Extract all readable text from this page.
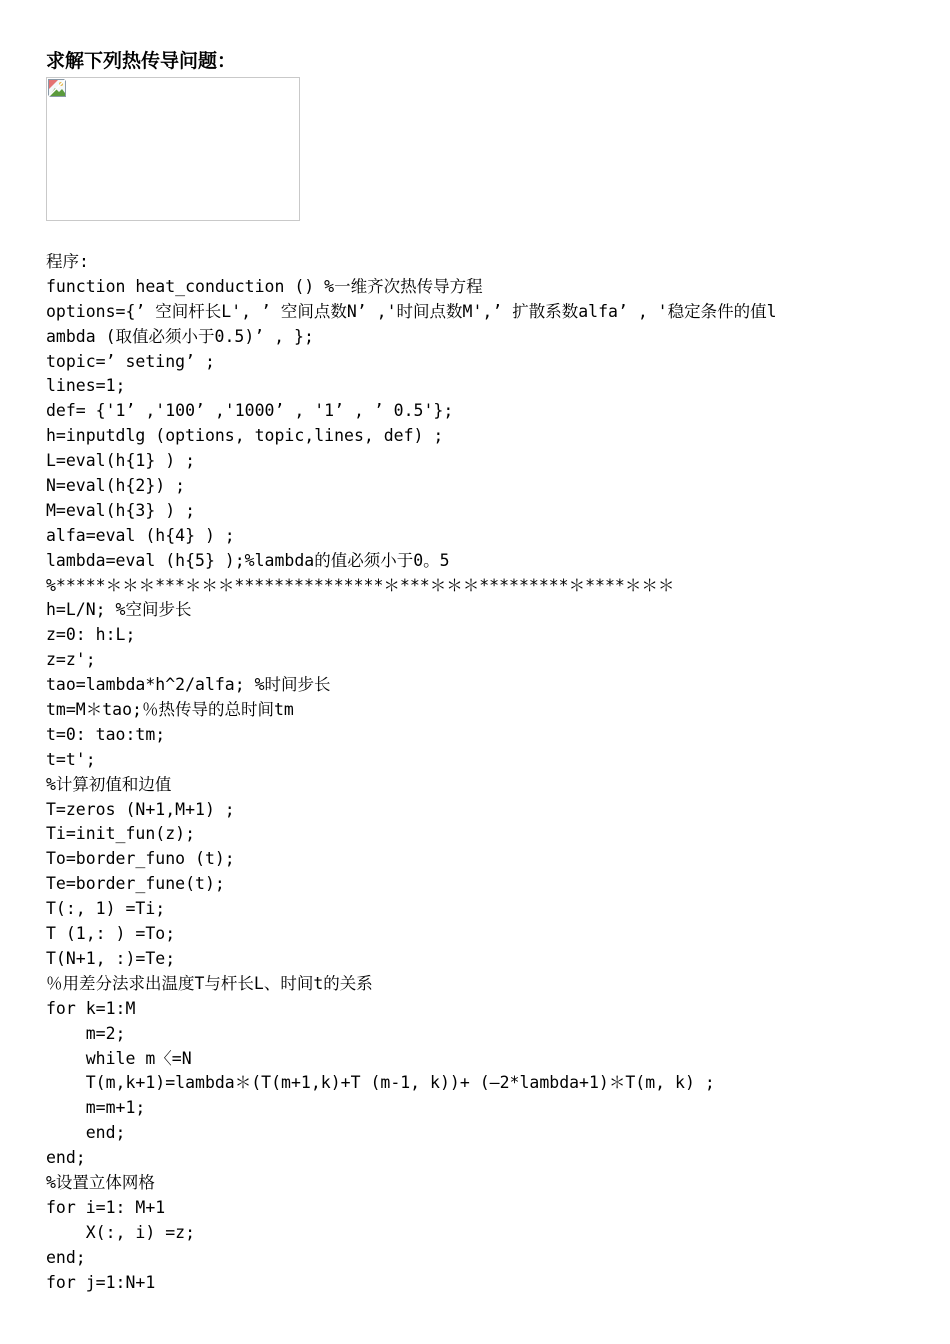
求解下列热传导问题：
程序:
function heat_conduction () %一维齐次热传导方程
options={’ 空间杆长L', ’ 空间点数N’ ,'时间点数M',’ 扩散系数alfa’ , '稳定条件的值l
ambda (取值必须小于0.5)’ , };
topic=’ seting’ ;
lines=1;
def= {'1’ ,'100’ ,'1000’ , '1’ , ’ 0.5'};
h=inputdlg (options, topic,lines, def) ;
L=eval(h{1} ) ;
N=eval(h{2}) ;
M=eval(h{3} ) ;
alfa=eval (h{4} ) ;
lambda=eval (h{5} );%lambda的值必须小于0。5
%*****＊＊＊***＊＊＊***************＊***＊＊＊*********＊****＊＊＊
h=L/N; %空间步长
z=0: h:L;
z=z';
tao=lambda*h^2/alfa; %时间步长
tm=M＊tao;％热传导的总时间tm
t=0: tao:tm;
t=t';
%计算初值和边值
T=zeros (N+1,M+1) ;
Ti=init_fun(z);
To=border_funo (t);
Te=border_fune(t);
T(:, 1) =Ti;
T (1,: ) =To;
T(N+1, :)=Te;
％用差分法求出温度T与杆长L、时间t的关系
for k=1:M
m=2;
while m〈=N
T(m,k+1)=lambda＊(T(m+1,k)+T (m-1, k))+ (—2*lambda+1)＊T(m, k) ;
m=m+1;
end;
end;
%设置立体网格
for i=1: M+1
X(:, i) =z;
end;
for j=1:N+1
